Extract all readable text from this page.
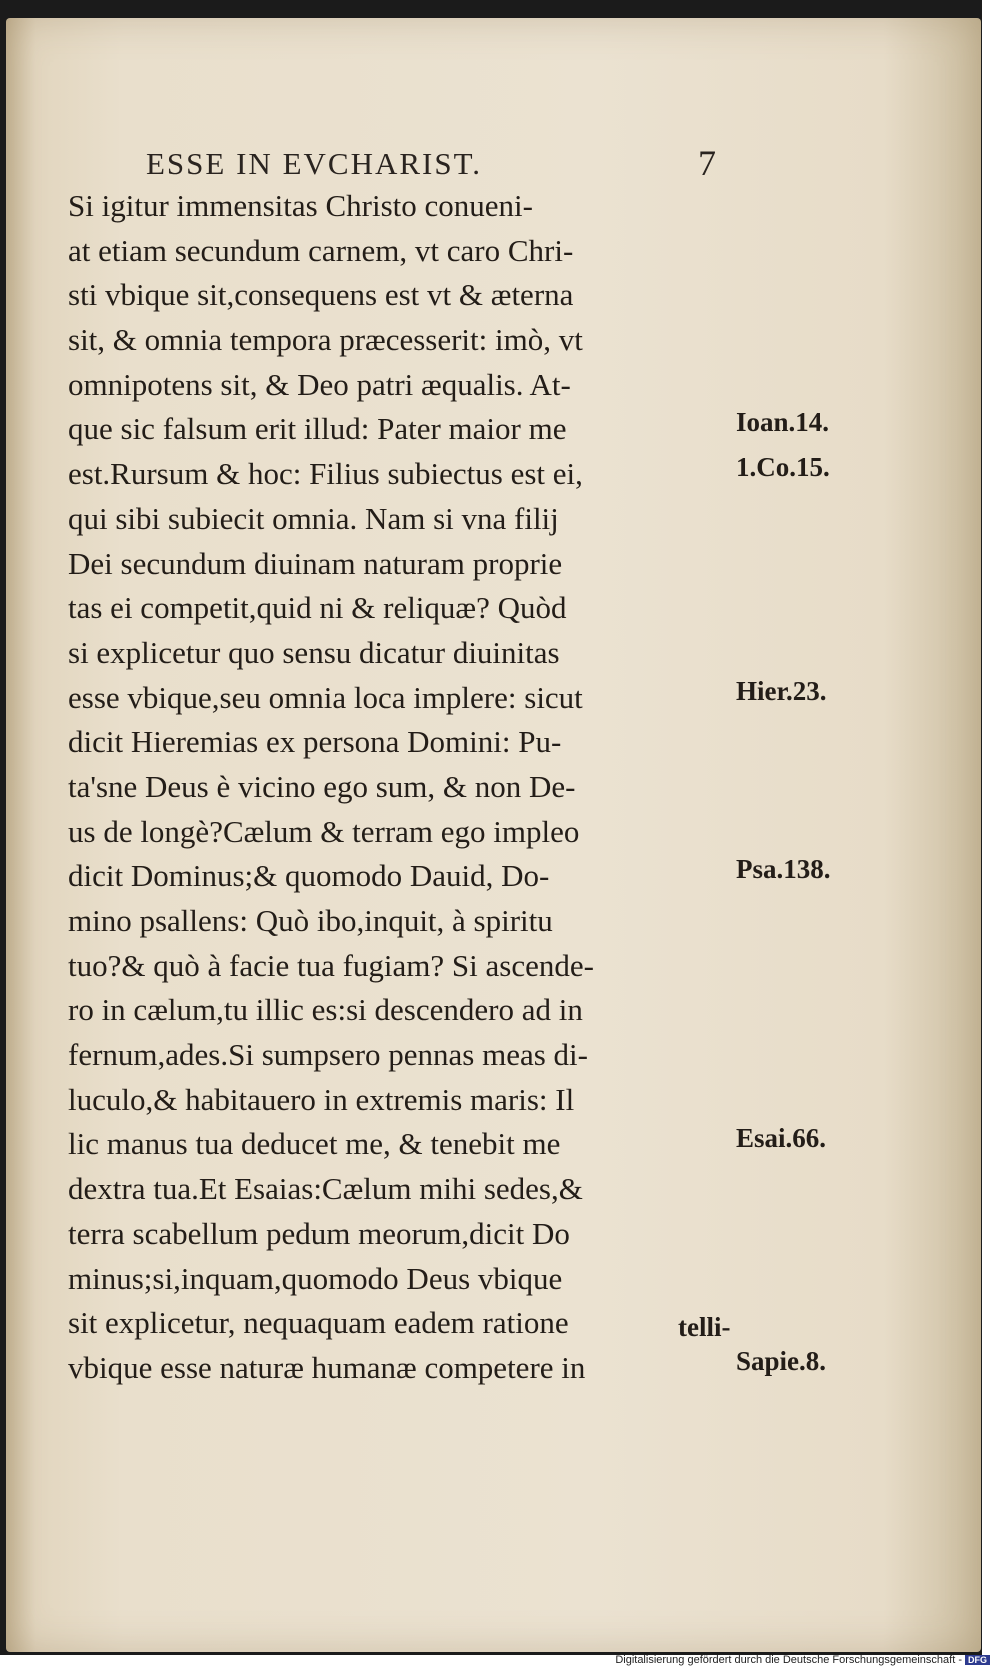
ESSE IN EVCHARIST.	7
Si igitur immensitas Christo conueni-
at etiam secundum carnem, vt caro Chri-
sti vbique sit,consequens est vt & æterna
sit, & omnia tempora præcesserit: imò, vt
omnipotens sit, & Deo patri æqualis. At-
que sic falsum erit illud: Pater maior me
est.Rursum & hoc: Filius subiectus est ei,
qui sibi subiecit omnia. Nam si vna filij
Dei secundum diuinam naturam proprie
tas ei competit,quid ni & reliquæ? Quòd
si explicetur quo sensu dicatur diuinitas
esse vbique,seu omnia loca implere: sicut
dicit Hieremias ex persona Domini: Pu-
ta'sne Deus è vicino ego sum, & non De-
us de longè?Cælum & terram ego impleo
dicit Dominus;& quomodo Dauid, Do-
mino psallens: Quò ibo,inquit, à spiritu
tuo?& quò à facie tua fugiam? Si ascende-
ro in cælum,tu illic es:si descendero ad in
fernum,ades.Si sumpsero pennas meas di-
luculo,& habitauero in extremis maris: Il
lic manus tua deducet me, & tenebit me
dextra tua.Et Esaias:Cælum mihi sedes,&
terra scabellum pedum meorum,dicit Do
minus;si,inquam,quomodo Deus vbique
sit explicetur, nequaquam eadem ratione
vbique esse naturæ humanæ competere in
Ioan.14.
1.Co.15.
Hier.23.
Psa.138.
Esai.66.
Sapie.8.
telli-
Digitalisierung gefördert durch die Deutsche Forschungsgemeinschaft - DFG
